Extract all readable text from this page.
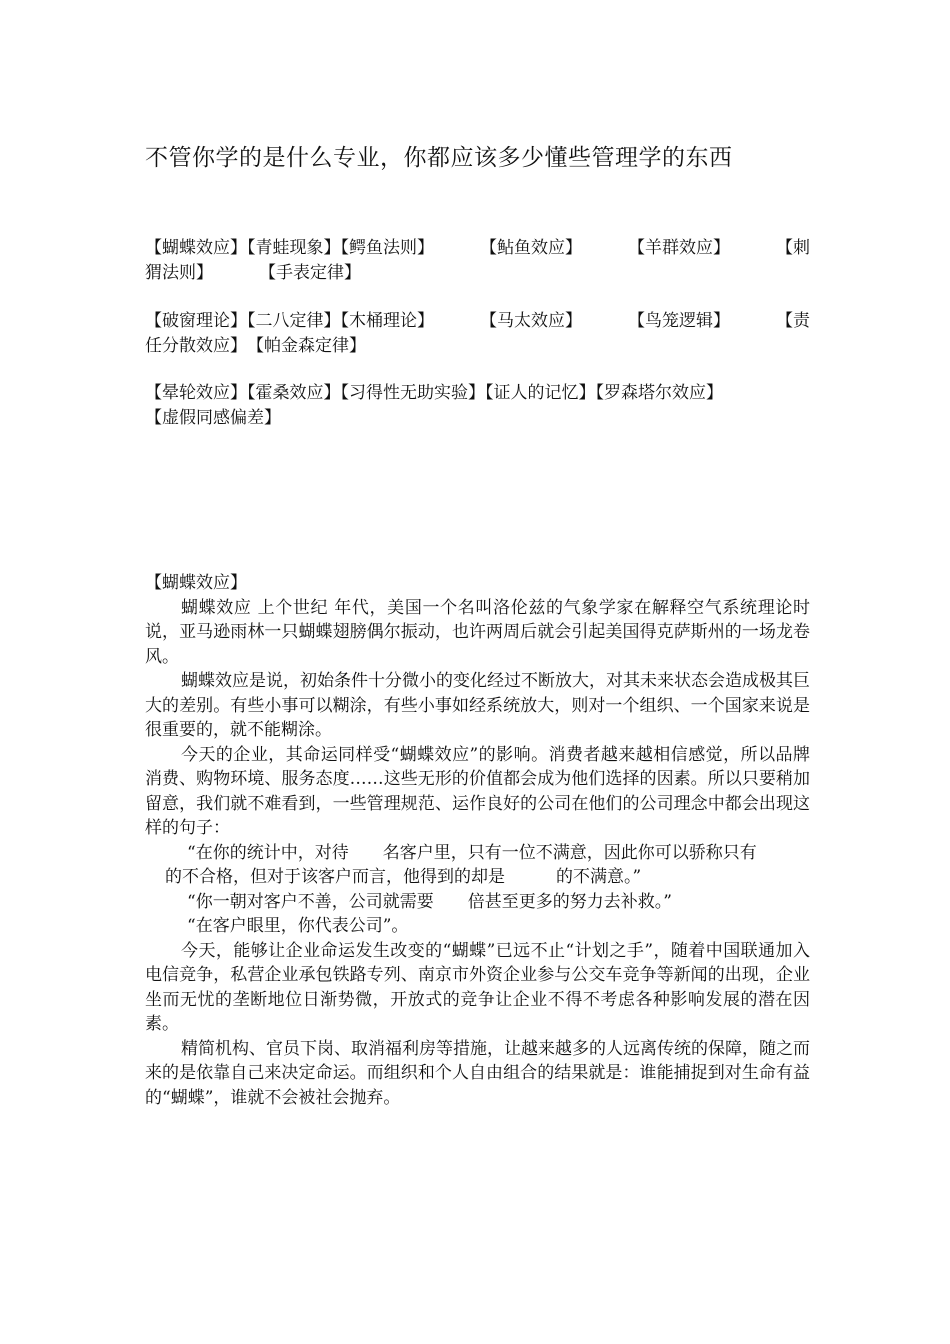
不管你学的是什么专业，你都应该多少懂些管理学的东西
【蝴蝶效应】【青蛙现象】【鳄鱼法则】	【鲇鱼效应】	【羊群效应】	【刺
猬法则】	【手表定律】
【破窗理论】【二八定律】【木桶理论】	【马太效应】	【鸟笼逻辑】	【责
任分散效应】 【帕金森定律】
【晕轮效应】【霍桑效应】【习得性无助实验】【证人的记忆】【罗森塔尔效应】
【虚假同感偏差】

【蝴蝶效应】

蝴蝶效应 上个世纪 年代，美国一个名叫洛伦兹的气象学家在解释空气系统理论时说，亚马逊雨林一只蝴蝶翅膀偶尔振动，也许两周后就会引起美国得克萨斯州的一场龙卷风。

蝴蝶效应是说，初始条件十分微小的变化经过不断放大，对其未来状态会造成极其巨大的差别。有些小事可以糊涂，有些小事如经系统放大，则对一个组织、一个国家来说是很重要的，就不能糊涂。

今天的企业，其命运同样受“蝴蝶效应”的影响。消费者越来越相信感觉，所以品牌消费、购物环境、服务态度……这些无形的价值都会成为他们选择的因素。所以只要稍加留意，我们就不难看到，一些管理规范、运作良好的公司在他们的公司理念中都会出现这样的句子：

“在你的统计中，对待　　名客户里，只有一位不满意，因此你可以骄称只有

的不合格，但对于该客户而言，他得到的却是　　　的不满意。”

“你一朝对客户不善，公司就需要　　倍甚至更多的努力去补救。”

“在客户眼里，你代表公司”。

今天，能够让企业命运发生改变的“蝴蝶”已远不止“计划之手”，随着中国联通加入电信竞争，私营企业承包铁路专列、南京市外资企业参与公交车竞争等新闻的出现，企业坐而无忧的垄断地位日渐势微，开放式的竞争让企业不得不考虑各种影响发展的潜在因素。

精简机构、官员下岗、取消福利房等措施，让越来越多的人远离传统的保障，随之而来的是依靠自己来决定命运。而组织和个人自由组合的结果就是：谁能捕捉到对生命有益的“蝴蝶”，谁就不会被社会抛弃。
